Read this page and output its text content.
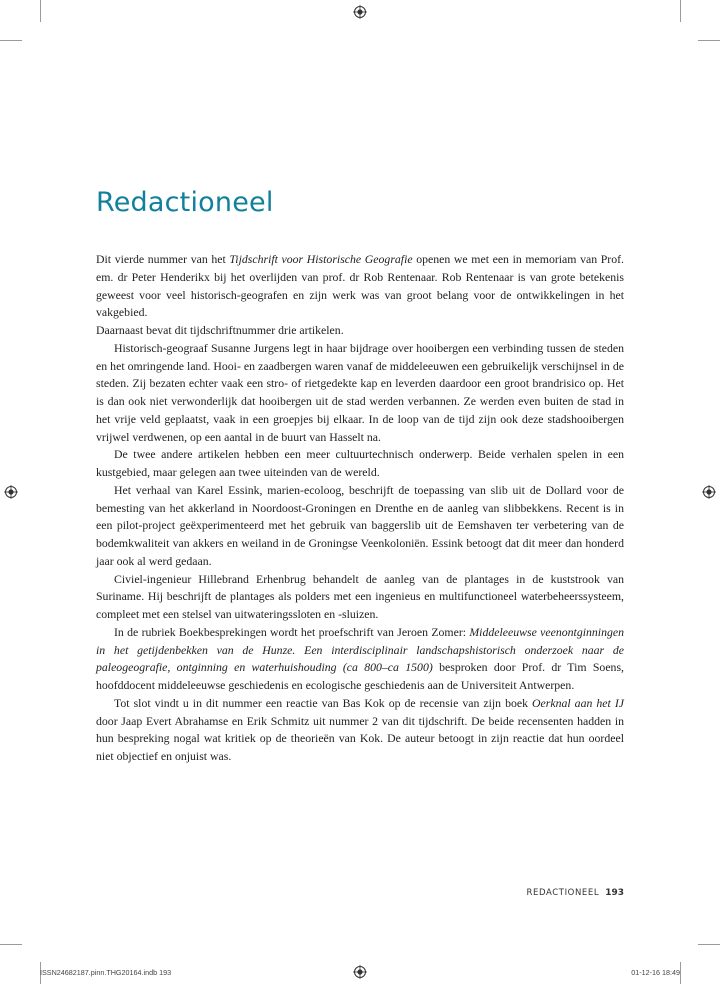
Redactioneel

Dit vierde nummer van het Tijdschrift voor Historische Geografie openen we met een in memoriam van Prof. em. dr Peter Henderikx bij het overlijden van prof. dr Rob Rentenaar. Rob Rentenaar is van grote betekenis geweest voor veel historisch-geografen en zijn werk was van groot belang voor de ontwikkelingen in het vakgebied.

Daarnaast bevat dit tijdschriftnummer drie artikelen.

Historisch-geograaf Susanne Jurgens legt in haar bijdrage over hooibergen een verbinding tussen de steden en het omringende land. Hooi- en zaadbergen waren vanaf de middeleeuwen een gebruikelijk verschijnsel in de steden. Zij bezaten echter vaak een stro- of rietgedekte kap en leverden daardoor een groot brandrisico op. Het is dan ook niet verwonderlijk dat hooibergen uit de stad werden verbannen. Ze werden even buiten de stad in het vrije veld geplaatst, vaak in een groepjes bij elkaar. In de loop van de tijd zijn ook deze stadshooibergen vrijwel verdwenen, op een aantal in de buurt van Hasselt na.

De twee andere artikelen hebben een meer cultuurtechnisch onderwerp. Beide verhalen spelen in een kustgebied, maar gelegen aan twee uiteinden van de wereld.

Het verhaal van Karel Essink, marien-ecoloog, beschrijft de toepassing van slib uit de Dollard voor de bemesting van het akkerland in Noordoost-Groningen en Drenthe en de aanleg van slibbekkens. Recent is in een pilot-project geëxperimenteerd met het gebruik van baggerslib uit de Eemshaven ter verbetering van de bodemkwaliteit van akkers en weiland in de Groningse Veenkoloniën. Essink betoogt dat dit meer dan honderd jaar ook al werd gedaan.

Civiel-ingenieur Hillebrand Erhenbrug behandelt de aanleg van de plantages in de kuststrook van Suriname. Hij beschrijft de plantages als polders met een ingenieus en multifunctioneel waterbeheerssysteem, compleet met een stelsel van uitwateringssloten en -sluizen.

In de rubriek Boekbesprekingen wordt het proefschrift van Jeroen Zomer: Middeleeuwse veenontginningen in het getijdenbekken van de Hunze. Een interdisciplinair landschapshistorisch onderzoek naar de paleogeografie, ontginning en waterhuishouding (ca 800–ca 1500) besproken door Prof. dr Tim Soens, hoofddocent middeleeuwse geschiedenis en ecologische geschiedenis aan de Universiteit Antwerpen.

Tot slot vindt u in dit nummer een reactie van Bas Kok op de recensie van zijn boek Oerknal aan het IJ door Jaap Evert Abrahamse en Erik Schmitz uit nummer 2 van dit tijdschrift. De beide recensenten hadden in hun bespreking nogal wat kritiek op de theorieën van Kok. De auteur betoogt in zijn reactie dat hun oordeel niet objectief en onjuist was.

REDACTIONEEL 193
ISSN24682187.pinn.THG20164.indb 193	01-12-16 18:49
